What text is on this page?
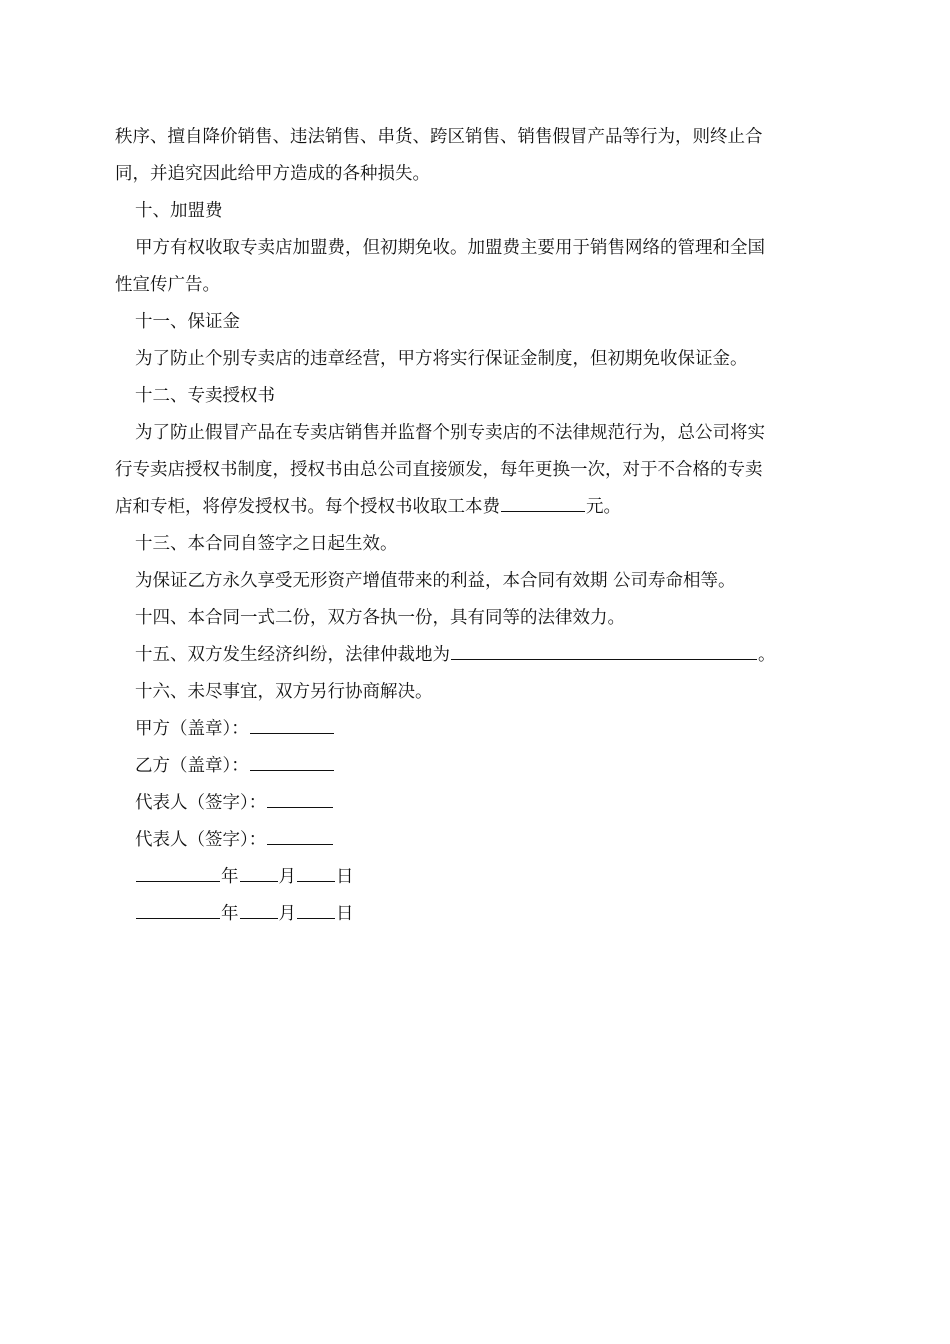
秩序、擅自降价销售、违法销售、串货、跨区销售、销售假冒产品等行为，则终止合

同，并追究因此给甲方造成的各种损失。

十、加盟费

甲方有权收取专卖店加盟费，但初期免收。加盟费主要用于销售网络的管理和全国

性宣传广告。

十一、保证金

为了防止个别专卖店的违章经营，甲方将实行保证金制度，但初期免收保证金。

十二、专卖授权书

为了防止假冒产品在专卖店销售并监督个别专卖店的不法律规范行为，总公司将实

行专卖店授权书制度，授权书由总公司直接颁发，每年更换一次，对于不合格的专卖

店和专柜，将停发授权书。每个授权书收取工本费	元。

十三、本合同自签字之日起生效。

为保证乙方永久享受无形资产增值带来的利益，本合同有效期 公司寿命相等。

十四、本合同一式二份，双方各执一份，具有同等的法律效力。

十五、双方发生经济纠纷，法律仲裁地为	。

十六、未尽事宜，双方另行协商解决。

甲方（盖章）：

乙方（盖章）：

代表人（签字）：

代表人（签字）：

年 月 日

年 月 日
